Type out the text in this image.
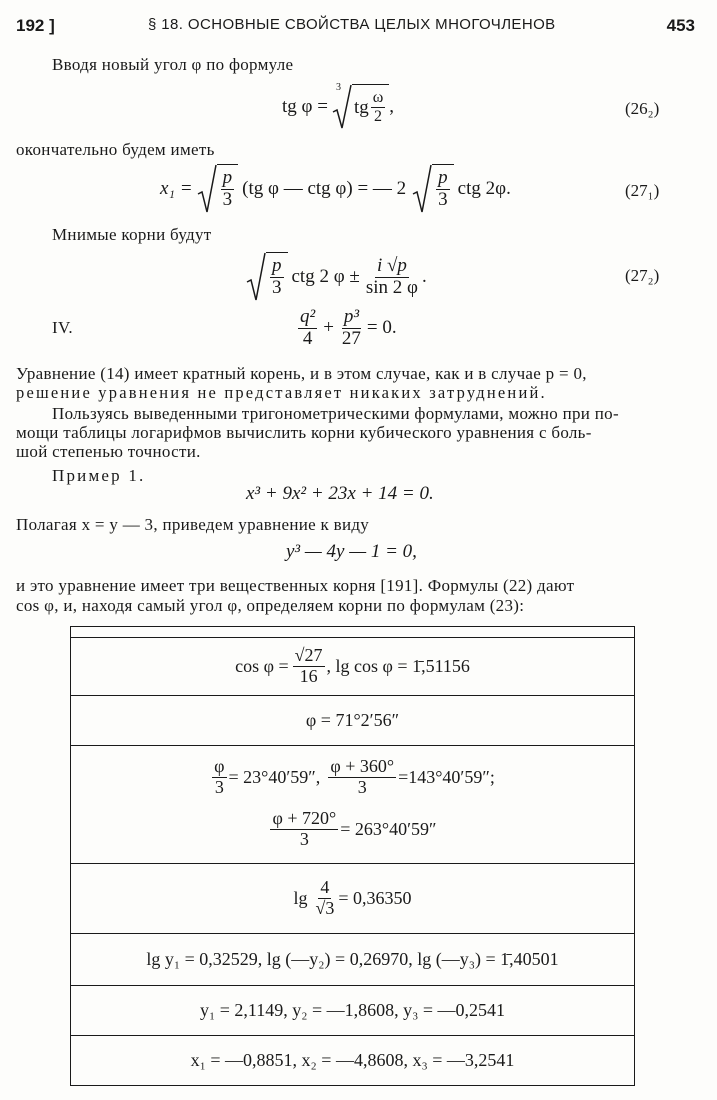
192 ]	§ 18. ОСНОВНЫЕ СВОЙСТВА ЦЕЛЫХ МНОГОЧЛЕНОВ	453
Вводя новый угол φ по формуле
tg φ =
3
tg $\frac{\omega}{2}$ ,	(26₂)
окончательно будем иметь
$x_1 = \frac{p}{3} (tg$ φ — ctg φ) = — $2 \frac{p}{3}$ ctg 2φ.	(27₁)
Мнимые корни будут
$\frac{p}{3}$ ctg 2 $\varphi \pm \frac{i √p}{\sin 2 \varphi}$ .	(27₂)
IV.	$\frac{\text{q²}}{4} + \frac{\text{p³}}{27} = 0$.
Уравнение (14) имеет кратный корень, и в этом случае, как и в случае p = 0,
решение уравнения не представляет никаких затруднений.
Пользуясь выведенными тригонометрическими формулами, можно при по-
мощи таблицы логарифмов вычислить корни кубического уравнения с боль-
шой степенью точности.
Пример 1.
x³ + 9x² + 23x + 14 = 0.
Полагая x = y — 3, приведем уравнение к виду
y³ — 4y — 1 = 0,
и это уравнение имеет три вещественных корня [191]. Формулы (22) дают
cos φ, и, находя самый угол φ, определяем корни по формулам (23):
$\cos \varphi = \frac{√27}{16}$ , lg cos φ = 1̄,51156
φ = 71°2′56″
$\frac{\varphi}{3} = 23^\circ 40'59''$, $\frac{\varphi + 360^\circ}{3} =143^\circ 40'59''$;
$\frac{\varphi + 720^\circ}{3} = 263^\circ 40'59''$
$\lg \frac{4}{√3} = 0,36350$
lg y₁ = 0,32529, lg (—y₂) = 0,26970, lg (—y₃) = 1̄,40501
y₁ = 2,1149, y₂ = —1,8608, y₃ = —0,2541
x₁ = —0,8851, x₂ = —4,8608, x₃ = —3,2541
